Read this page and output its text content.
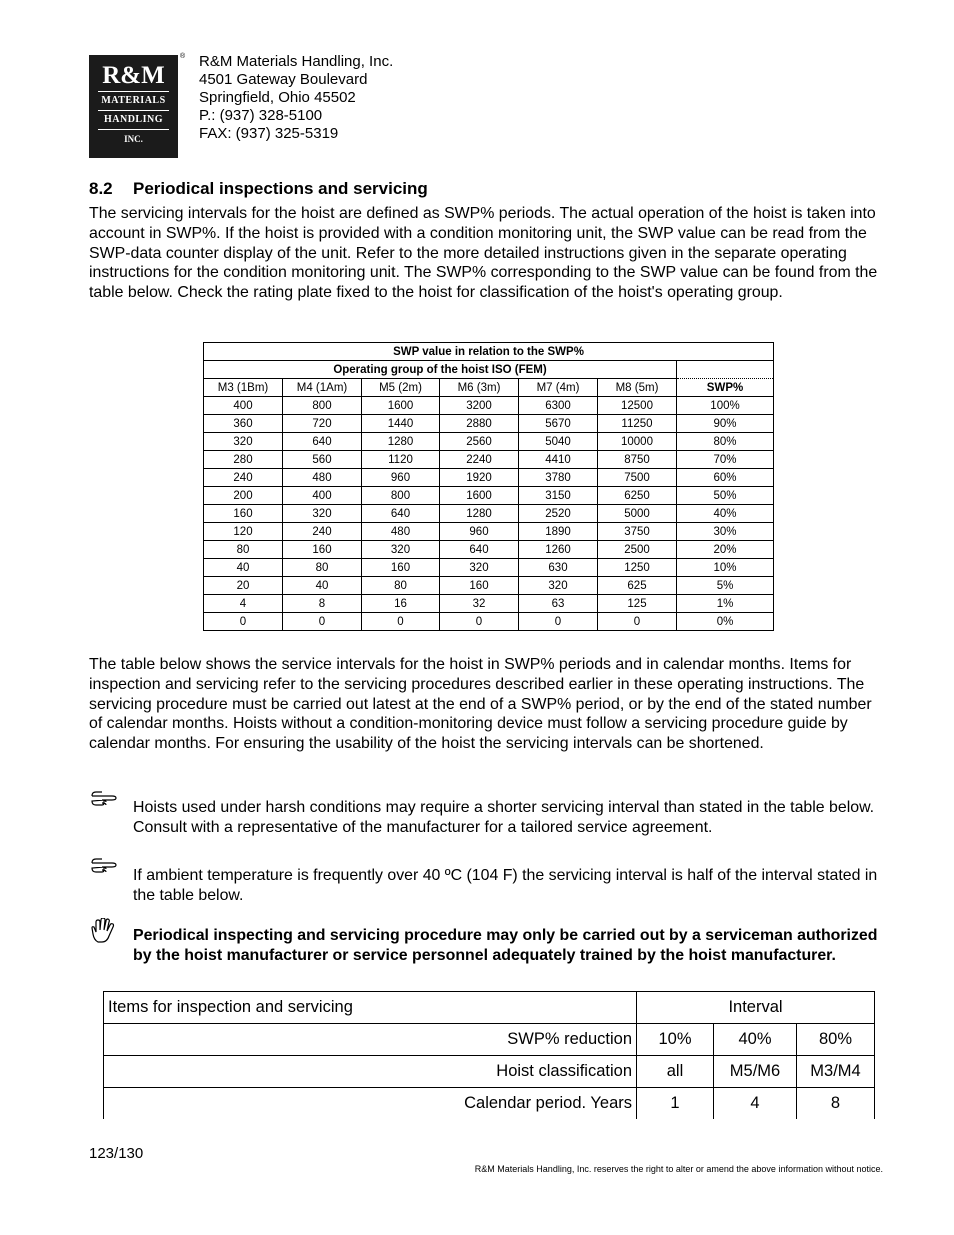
R&M
MATERIALS
HANDLING
INC.
® R&M Materials Handling, Inc.
4501 Gateway Boulevard
Springfield, Ohio 45502
P.: (937) 328-5100
FAX: (937) 325-5319
8.2 Periodical inspections and servicing
The servicing intervals for the hoist are defined as SWP% periods. The actual operation of the hoist is taken into account in SWP%. If the hoist is provided with a condition monitoring unit, the SWP value can be read from the SWP-data counter display of the unit. Refer to the more detailed instructions given in the separate operating instructions for the condition monitoring unit. The SWP% corresponding to the SWP value can be found from the table below. Check the rating plate fixed to the hoist for classification of the hoist's operating group.
SWP value in relation to the SWP%						
Operating group of the hoist ISO (FEM)						
M3 (1Bm)	M4 (1Am)	M5 (2m)	M6 (3m)	M7 (4m)	M8 (5m)	SWP%
400	800	1600	3200	6300	12500	100%
360	720	1440	2880	5670	11250	90%
320	640	1280	2560	5040	10000	80%
280	560	1120	2240	4410	8750	70%
240	480	960	1920	3780	7500	60%
200	400	800	1600	3150	6250	50%
160	320	640	1280	2520	5000	40%
120	240	480	960	1890	3750	30%
80	160	320	640	1260	2500	20%
40	80	160	320	630	1250	10%
20	40	80	160	320	625	5%
4	8	16	32	63	125	1%
0	0	0	0	0	0	0%
The table below shows the service intervals for the hoist in SWP% periods and in calendar months. Items for inspection and servicing refer to the servicing procedures described earlier in these operating instructions. The servicing procedure must be carried out latest at the end of a SWP% period, or by the end of the stated number of calendar months. Hoists without a condition-monitoring device must follow a servicing procedure guide by calendar months. For ensuring the usability of the hoist the servicing intervals can be shortened.
Hoists used under harsh conditions may require a shorter servicing interval than stated in the table below. Consult with a representative of the manufacturer for a tailored service agreement.
If ambient temperature is frequently over 40 ºC (104 F) the servicing interval is half of the interval stated in the table below.
Periodical inspecting and servicing procedure may only be carried out by a serviceman authorized by the hoist manufacturer or service personnel adequately trained by the hoist manufacturer.
Items for inspection and servicing	Interval		
SWP% reduction	10%	40%	80%
Hoist classification	all	M5/M6	M3/M4
Calendar period. Years	1	4	8
123/130
R&M Materials Handling, Inc. reserves the right to alter or amend the above information without notice.
